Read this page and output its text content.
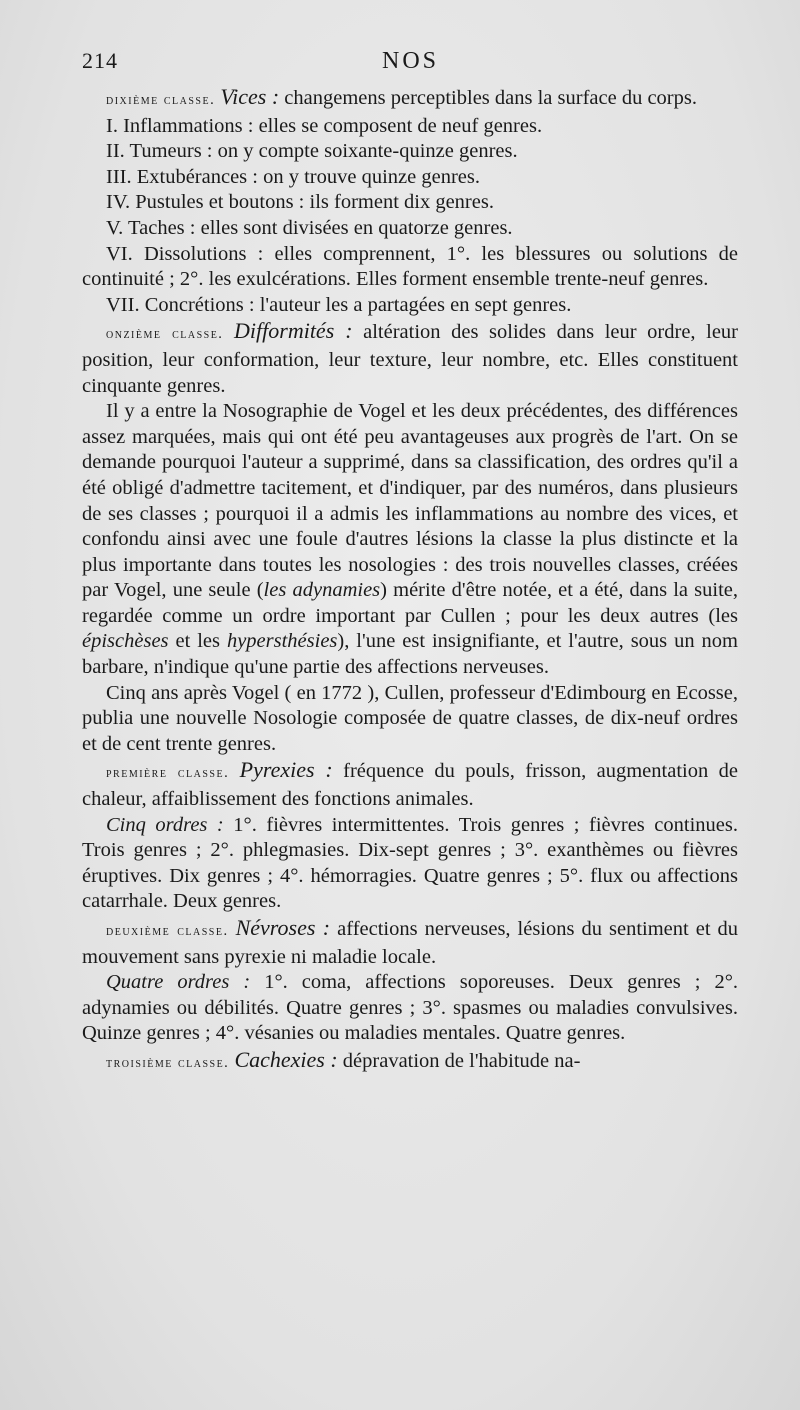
214	NOS

dixième classe. Vices : changemens perceptibles dans la surface du corps.

I. Inflammations : elles se composent de neuf genres.

II. Tumeurs : on y compte soixante-quinze genres.

III. Extubérances : on y trouve quinze genres.

IV. Pustules et boutons : ils forment dix genres.

V. Taches : elles sont divisées en quatorze genres.

VI. Dissolutions : elles comprennent, 1°. les blessures ou solutions de continuité ; 2°. les exulcérations. Elles forment ensemble trente-neuf genres.

VII. Concrétions : l'auteur les a partagées en sept genres.

onzième classe. Difformités : altération des solides dans leur ordre, leur position, leur conformation, leur texture, leur nombre, etc. Elles constituent cinquante genres.

Il y a entre la Nosographie de Vogel et les deux précédentes, des différences assez marquées, mais qui ont été peu avantageuses aux progrès de l'art. On se demande pourquoi l'auteur a supprimé, dans sa classification, des ordres qu'il a été obligé d'admettre tacitement, et d'indiquer, par des numéros, dans plusieurs de ses classes ; pourquoi il a admis les inflammations au nombre des vices, et confondu ainsi avec une foule d'autres lésions la classe la plus distincte et la plus importante dans toutes les nosologies : des trois nouvelles classes, créées par Vogel, une seule (les adynamies) mérite d'être notée, et a été, dans la suite, regardée comme un ordre important par Cullen ; pour les deux autres (les épischèses et les hypersthésies), l'une est insignifiante, et l'autre, sous un nom barbare, n'indique qu'une partie des affections nerveuses.

Cinq ans après Vogel ( en 1772 ), Cullen, professeur d'Edimbourg en Ecosse, publia une nouvelle Nosologie composée de quatre classes, de dix-neuf ordres et de cent trente genres.

première classe. Pyrexies : fréquence du pouls, frisson, augmentation de chaleur, affaiblissement des fonctions animales.

Cinq ordres : 1°. fièvres intermittentes. Trois genres ; fièvres continues. Trois genres ; 2°. phlegmasies. Dix-sept genres ; 3°. exanthèmes ou fièvres éruptives. Dix genres ; 4°. hémorragies. Quatre genres ; 5°. flux ou affections catarrhale. Deux genres.

deuxième classe. Névroses : affections nerveuses, lésions du sentiment et du mouvement sans pyrexie ni maladie locale.

Quatre ordres : 1°. coma, affections soporeuses. Deux genres ; 2°. adynamies ou débilités. Quatre genres ; 3°. spasmes ou maladies convulsives. Quinze genres ; 4°. vésanies ou maladies mentales. Quatre genres.

troisième classe. Cachexies : dépravation de l'habitude na-
